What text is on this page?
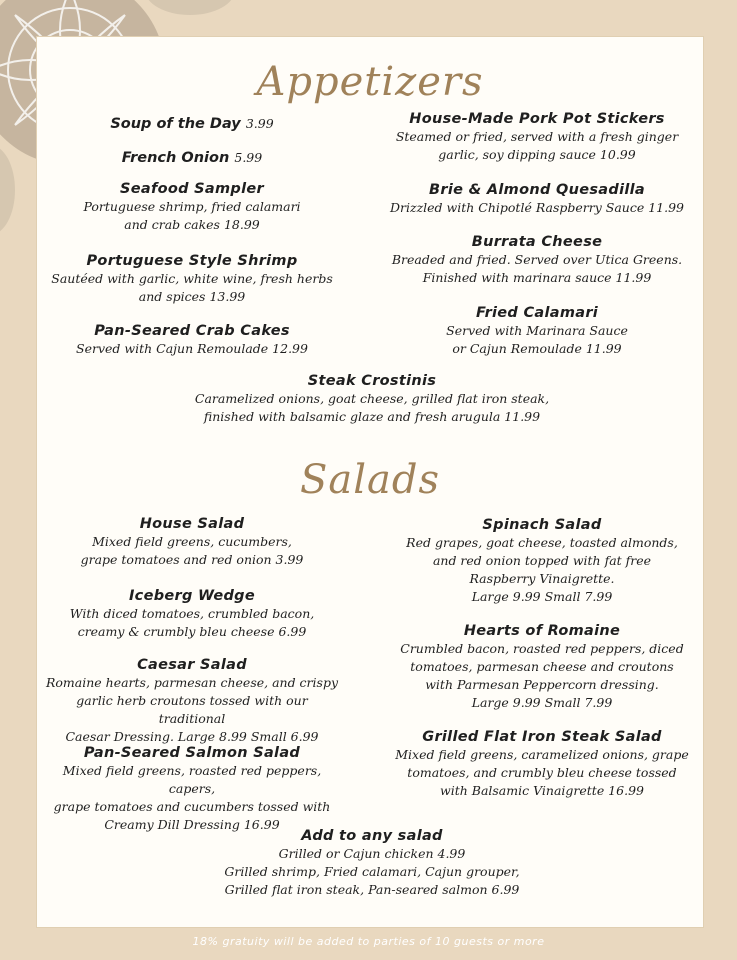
Appetizers
Soup of the Day 3.99
French Onion 5.99
Seafood Sampler
Portuguese shrimp, fried calamari
and crab cakes 18.99
Portuguese Style Shrimp
Sautéed with garlic, white wine, fresh herbs
and spices 13.99
Pan-Seared Crab Cakes
Served with Cajun Remoulade 12.99
House-Made Pork Pot Stickers
Steamed or fried, served with a fresh ginger
garlic, soy dipping sauce 10.99
Brie & Almond Quesadilla
Drizzled with Chipotlé Raspberry Sauce 11.99
Burrata Cheese
Breaded and fried. Served over Utica Greens.
Finished with marinara sauce 11.99
Fried Calamari
Served with Marinara Sauce
or Cajun Remoulade 11.99
Steak Crostinis
Caramelized onions, goat cheese, grilled flat iron steak,
finished with balsamic glaze and fresh arugula 11.99
Salads
House Salad
Mixed field greens, cucumbers,
grape tomatoes and red onion 3.99
Iceberg Wedge
With diced tomatoes, crumbled bacon,
creamy & crumbly bleu cheese 6.99
Caesar Salad
Romaine hearts, parmesan cheese, and crispy
garlic herb croutons tossed with our traditional
Caesar Dressing. Large 8.99 Small 6.99
Pan-Seared Salmon Salad
Mixed field greens, roasted red peppers, capers,
grape tomatoes and cucumbers tossed with
Creamy Dill Dressing 16.99
Spinach Salad
Red grapes, goat cheese, toasted almonds,
and red onion topped with fat free
Raspberry Vinaigrette.
Large 9.99 Small 7.99
Hearts of Romaine
Crumbled bacon, roasted red peppers, diced
tomatoes, parmesan cheese and croutons
with Parmesan Peppercorn dressing.
Large 9.99 Small 7.99
Grilled Flat Iron Steak Salad
Mixed field greens, caramelized onions, grape
tomatoes, and crumbly bleu cheese tossed
with Balsamic Vinaigrette 16.99
Add to any salad
Grilled or Cajun chicken 4.99
Grilled shrimp, Fried calamari, Cajun grouper,
Grilled flat iron steak, Pan-seared salmon 6.99
18% gratuity will be added to parties of 10 guests or more
